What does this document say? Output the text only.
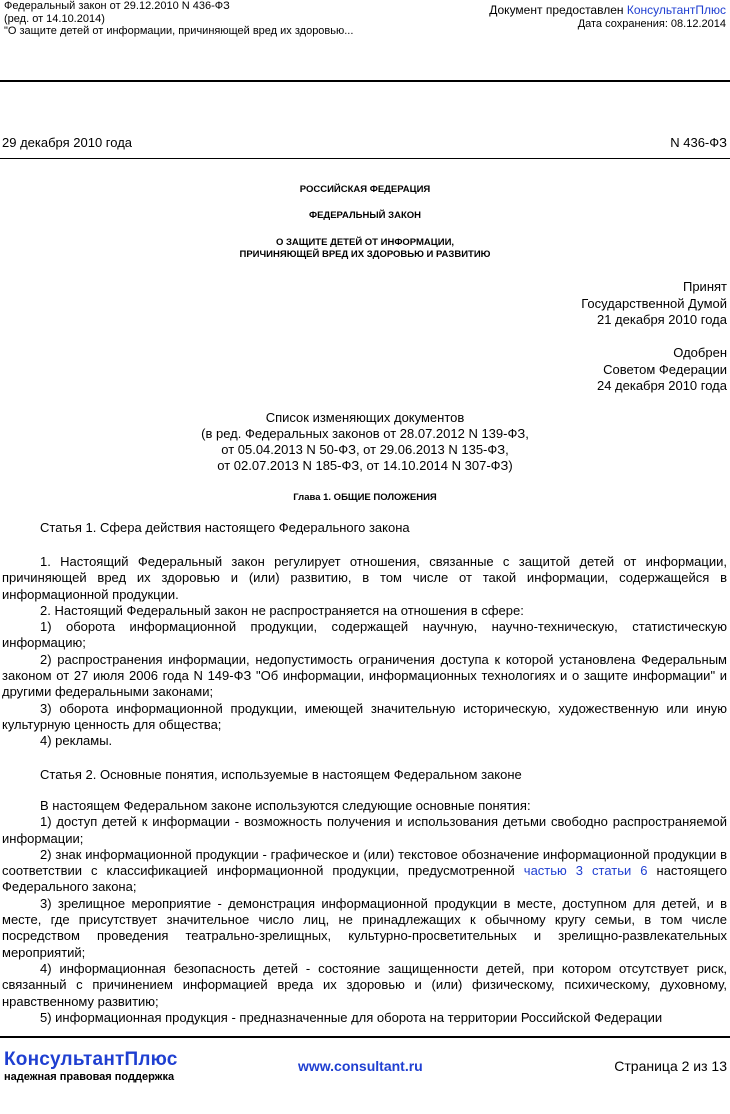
Федеральный закон от 29.12.2010 N 436-ФЗ
(ред. от 14.10.2014)
"О защите детей от информации, причиняющей вред их здоровью...
Документ предоставлен КонсультантПлюс
Дата сохранения: 08.12.2014
29 декабря 2010 года	N 436-ФЗ
РОССИЙСКАЯ ФЕДЕРАЦИЯ
ФЕДЕРАЛЬНЫЙ ЗАКОН
О ЗАЩИТЕ ДЕТЕЙ ОТ ИНФОРМАЦИИ,
ПРИЧИНЯЮЩЕЙ ВРЕД ИХ ЗДОРОВЬЮ И РАЗВИТИЮ
Принят
Государственной Думой
21 декабря 2010 года
Одобрен
Советом Федерации
24 декабря 2010 года
Список изменяющих документов
(в ред. Федеральных законов от 28.07.2012 N 139-ФЗ,
от 05.04.2013 N 50-ФЗ, от 29.06.2013 N 135-ФЗ,
от 02.07.2013 N 185-ФЗ, от 14.10.2014 N 307-ФЗ)
Глава 1. ОБЩИЕ ПОЛОЖЕНИЯ
Статья 1. Сфера действия настоящего Федерального закона

1. Настоящий Федеральный закон регулирует отношения, связанные с защитой детей от информации, причиняющей вред их здоровью и (или) развитию, в том числе от такой информации, содержащейся в информационной продукции.

2. Настоящий Федеральный закон не распространяется на отношения в сфере:

1) оборота информационной продукции, содержащей научную, научно-техническую, статистическую информацию;

2) распространения информации, недопустимость ограничения доступа к которой установлена Федеральным законом от 27 июля 2006 года N 149-ФЗ "Об информации, информационных технологиях и о защите информации" и другими федеральными законами;

3) оборота информационной продукции, имеющей значительную историческую, художественную или иную культурную ценность для общества;

4) рекламы.

Статья 2. Основные понятия, используемые в настоящем Федеральном законе

В настоящем Федеральном законе используются следующие основные понятия:

1) доступ детей к информации - возможность получения и использования детьми свободно распространяемой информации;

2) знак информационной продукции - графическое и (или) текстовое обозначение информационной продукции в соответствии с классификацией информационной продукции, предусмотренной частью 3 статьи 6 настоящего Федерального закона;

3) зрелищное мероприятие - демонстрация информационной продукции в месте, доступном для детей, и в месте, где присутствует значительное число лиц, не принадлежащих к обычному кругу семьи, в том числе посредством проведения театрально-зрелищных, культурно-просветительных и зрелищно-развлекательных мероприятий;

4) информационная безопасность детей - состояние защищенности детей, при котором отсутствует риск, связанный с причинением информацией вреда их здоровью и (или) физическому, психическому, духовному, нравственному развитию;

5) информационная продукция - предназначенные для оборота на территории Российской Федерации

КонсультантПлюс
надежная правовая поддержка
www.consultant.ru	Страница 2 из 13
